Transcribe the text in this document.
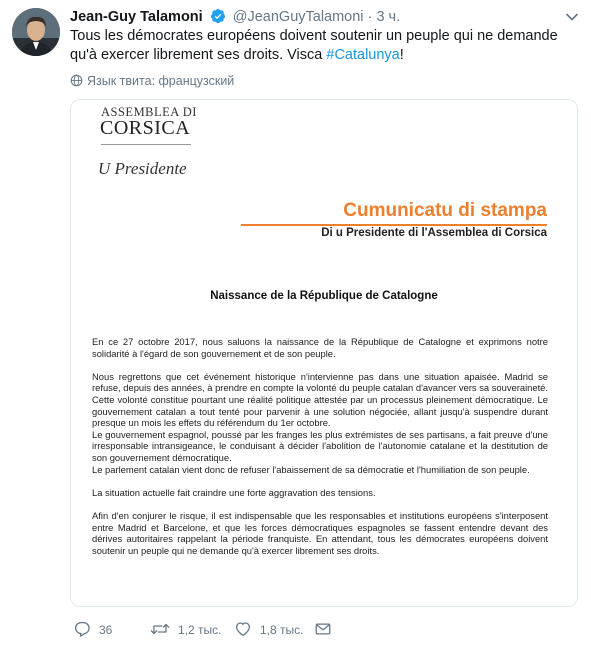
Jean-Guy Talamoni @JeanGuyTalamoni · 3 ч.
Tous les démocrates européens doivent soutenir un peuple qui ne demande qu'à exercer librement ses droits. Visca #Catalunya!
Язык твита: французский
ASSEMBLEA DI
CORSICA
U Presidente
Cumunicatu di stampa
Di u Presidente di l'Assemblea di Corsica
Naissance de la République de Catalogne

En ce 27 octobre 2017, nous saluons la naissance de la République de Catalogne et exprimons notre solidarité à l'égard de son gouvernement et de son peuple.

Nous regrettons que cet événement historique n'intervienne pas dans une situation apaisée. Madrid se refuse, depuis des années, à prendre en compte la volonté du peuple catalan d'avancer vers sa souveraineté. Cette volonté constitue pourtant une réalité politique attestée par un processus pleinement démocratique. Le gouvernement catalan a tout tenté pour parvenir à une solution négociée, allant jusqu'à suspendre durant presque un mois les effets du référendum du 1er octobre.

Le gouvernement espagnol, poussé par les franges les plus extrémistes de ses partisans, a fait preuve d'une irresponsable intransigeance, le conduisant à décider l'abolition de l'autonomie catalane et la destitution de son gouvernement démocratique.

Le parlement catalan vient donc de refuser l'abaissement de sa démocratie et l'humiliation de son peuple.

La situation actuelle fait craindre une forte aggravation des tensions.

Afin d'en conjurer le risque, il est indispensable que les responsables et institutions européens s'interposent entre Madrid et Barcelone, et que les forces démocratiques espagnoles se fassent entendre devant des dérives autoritaires rappelant la période franquiste. En attendant, tous les démocrates européens doivent soutenir un peuple qui ne demande qu'à exercer librement ses droits.

36	1,2 тыс.	1,8 тыс.
